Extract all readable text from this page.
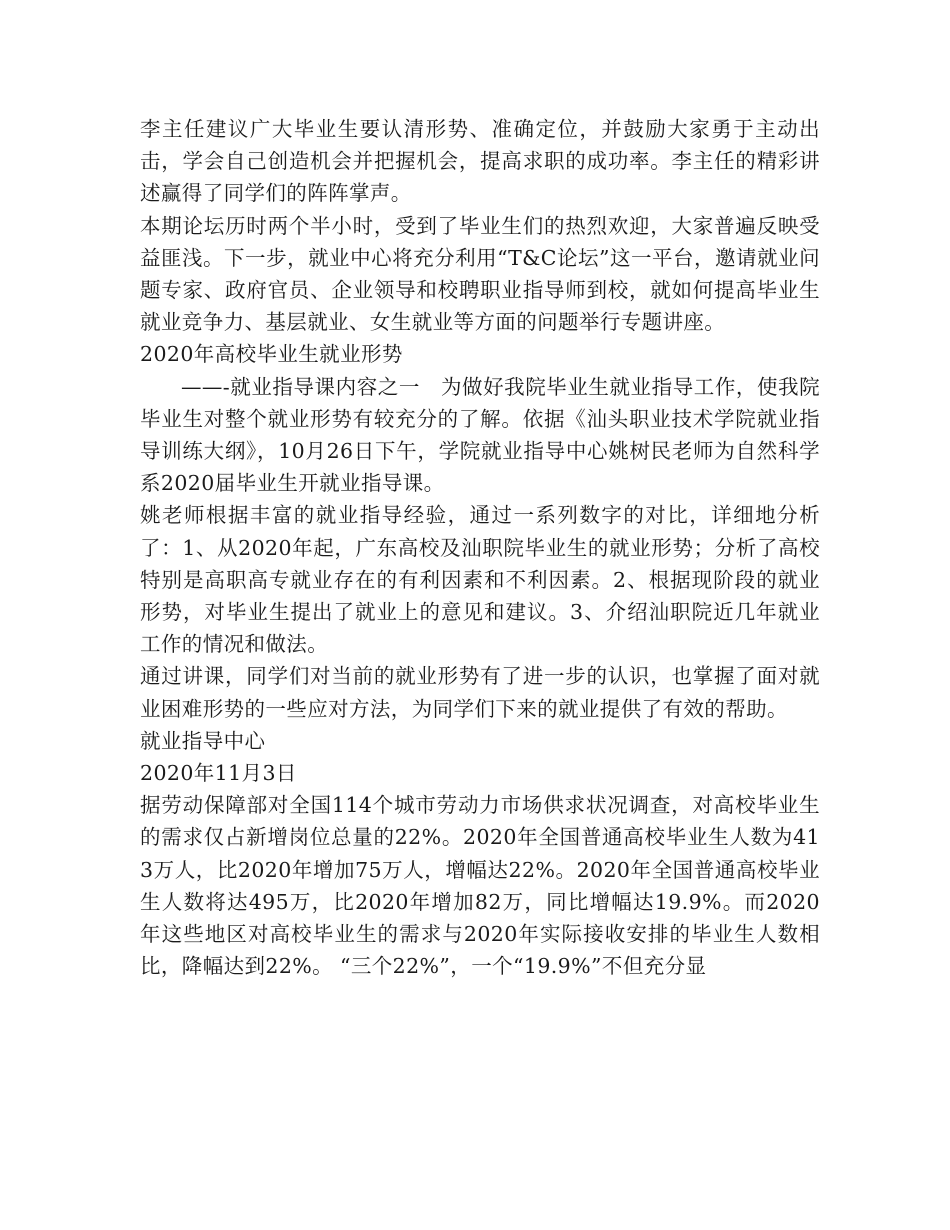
李主任建议广大毕业生要认清形势、准确定位，并鼓励大家勇于主动出击，学会自己创造机会并把握机会，提高求职的成功率。李主任的精彩讲述赢得了同学们的阵阵掌声。

本期论坛历时两个半小时，受到了毕业生们的热烈欢迎，大家普遍反映受益匪浅。下一步，就业中心将充分利用“T&C论坛”这一平台，邀请就业问题专家、政府官员、企业领导和校聘职业指导师到校，就如何提高毕业生就业竞争力、基层就业、女生就业等方面的问题举行专题讲座。

2020年高校毕业生就业形势

——-就业指导课内容之一　为做好我院毕业生就业指导工作，使我院毕业生对整个就业形势有较充分的了解。依据《汕头职业技术学院就业指导训练大纲》，10月26日下午，学院就业指导中心姚树民老师为自然科学系2020届毕业生开就业指导课。

姚老师根据丰富的就业指导经验，通过一系列数字的对比，详细地分析了：1、从2020年起，广东高校及汕职院毕业生的就业形势；分析了高校特别是高职高专就业存在的有利因素和不利因素。2、根据现阶段的就业形势，对毕业生提出了就业上的意见和建议。3、介绍汕职院近几年就业工作的情况和做法。

通过讲课，同学们对当前的就业形势有了进一步的认识，也掌握了面对就业困难形势的一些应对方法，为同学们下来的就业提供了有效的帮助。

就业指导中心

2020年11月3日

据劳动保障部对全国114个城市劳动力市场供求状况调查，对高校毕业生的需求仅占新增岗位总量的22%。2020年全国普通高校毕业生人数为413万人，比2020年增加75万人，增幅达22%。2020年全国普通高校毕业生人数将达495万，比2020年增加82万，同比增幅达19.9%。而2020年这些地区对高校毕业生的需求与2020年实际接收安排的毕业生人数相比，降幅达到22%。 “三个22%”，一个“19.9%”不但充分显
